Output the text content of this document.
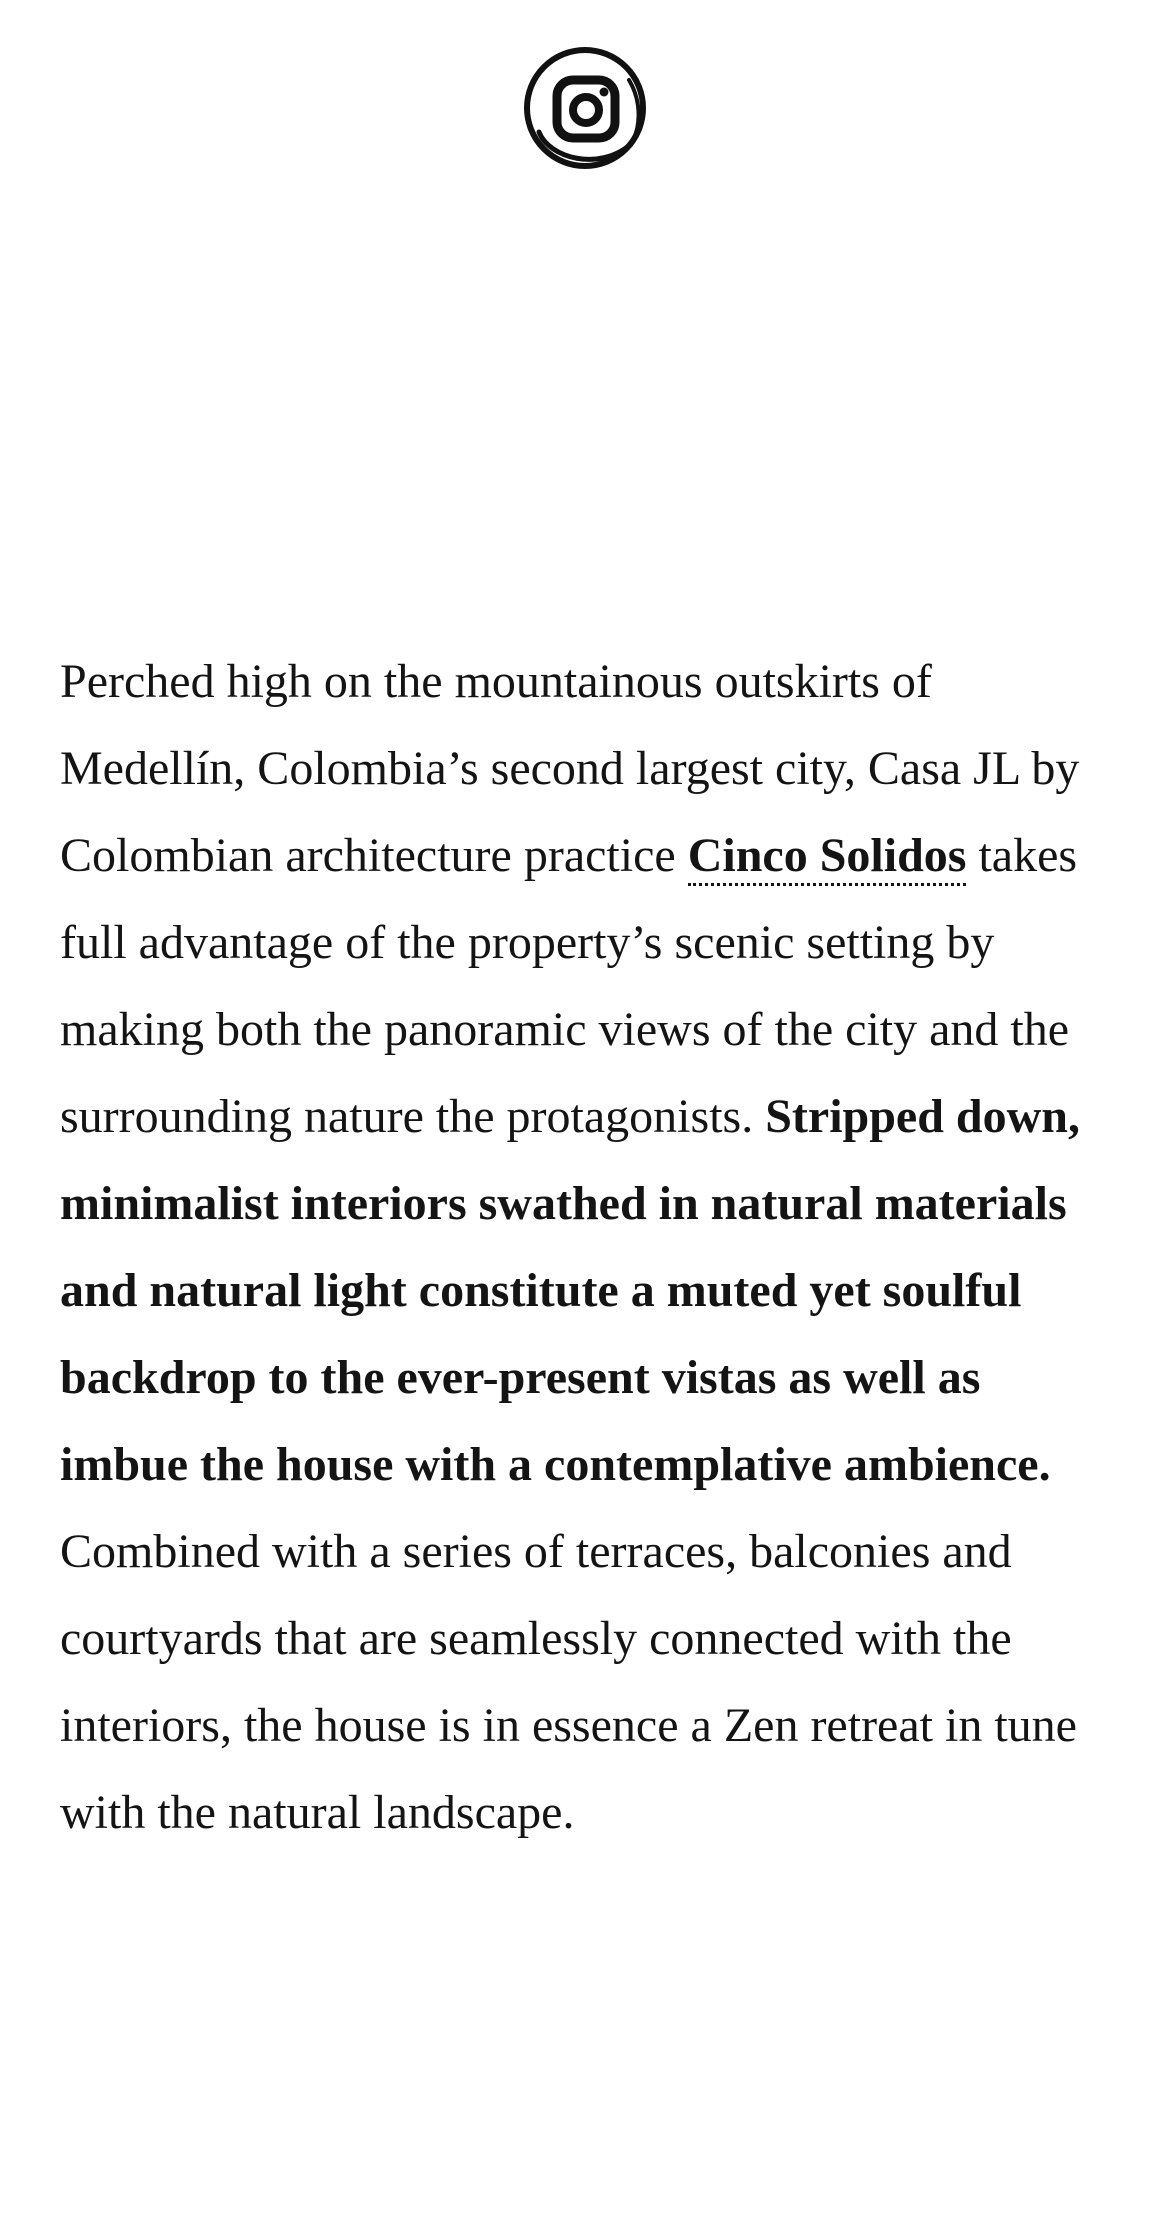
Perched high on the mountainous outskirts of Medellín, Colombia’s second largest city, Casa JL by Colombian architecture practice Cinco Solidos takes full advantage of the property’s scenic setting by making both the panoramic views of the city and the surrounding nature the protagonists. Stripped down, minimalist interiors swathed in natural materials and natural light constitute a muted yet soulful backdrop to the ever-present vistas as well as imbue the house with a contemplative ambience. Combined with a series of terraces, balconies and courtyards that are seamlessly connected with the interiors, the house is in essence a Zen retreat in tune with the natural landscape.
